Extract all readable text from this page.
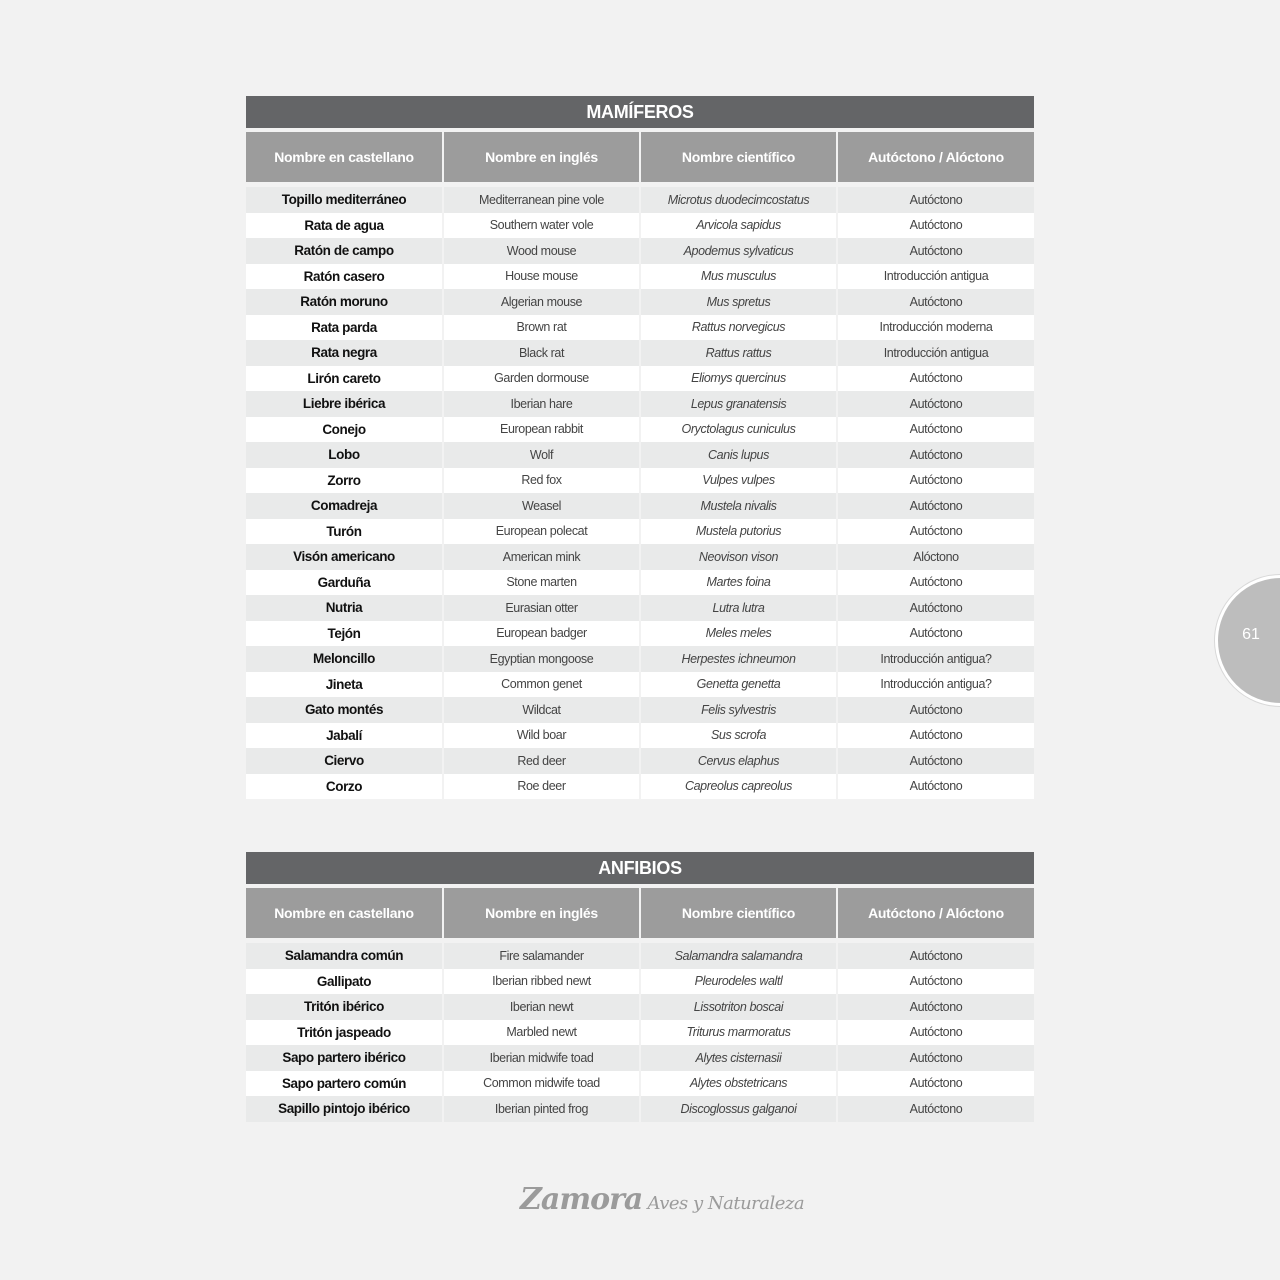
MAMÍFEROS
Nombre en castellano	Nombre en inglés	Nombre científico	Autóctono / Alóctono

Topillo mediterráneo	Mediterranean pine vole	Microtus duodecimcostatus	Autóctono
Rata de agua	Southern water vole	Arvicola sapidus	Autóctono
Ratón de campo	Wood mouse	Apodemus sylvaticus	Autóctono
Ratón casero	House mouse	Mus musculus	Introducción antigua
Ratón moruno	Algerian mouse	Mus spretus	Autóctono
Rata parda	Brown rat	Rattus norvegicus	Introducción moderna
Rata negra	Black rat	Rattus rattus	Introducción antigua
Lirón careto	Garden dormouse	Eliomys quercinus	Autóctono
Liebre ibérica	Iberian hare	Lepus granatensis	Autóctono
Conejo	European rabbit	Oryctolagus cuniculus	Autóctono
Lobo	Wolf	Canis lupus	Autóctono
Zorro	Red fox	Vulpes vulpes	Autóctono
Comadreja	Weasel	Mustela nivalis	Autóctono
Turón	European polecat	Mustela putorius	Autóctono
Visón americano	American mink	Neovison vison	Alóctono
Garduña	Stone marten	Martes foina	Autóctono
Nutria	Eurasian otter	Lutra lutra	Autóctono
Tejón	European badger	Meles meles	Autóctono
Meloncillo	Egyptian mongoose	Herpestes ichneumon	Introducción antigua?
Jineta	Common genet	Genetta genetta	Introducción antigua?
Gato montés	Wildcat	Felis sylvestris	Autóctono
Jabalí	Wild boar	Sus scrofa	Autóctono
Ciervo	Red deer	Cervus elaphus	Autóctono
Corzo	Roe deer	Capreolus capreolus	Autóctono
ANFIBIOS
Nombre en castellano	Nombre en inglés	Nombre científico	Autóctono / Alóctono

Salamandra común	Fire salamander	Salamandra salamandra	Autóctono
Gallipato	Iberian ribbed newt	Pleurodeles waltl	Autóctono
Tritón ibérico	Iberian newt	Lissotriton boscai	Autóctono
Tritón jaspeado	Marbled newt	Triturus marmoratus	Autóctono
Sapo partero ibérico	Iberian midwife toad	Alytes cisternasii	Autóctono
Sapo partero común	Common midwife toad	Alytes obstetricans	Autóctono
Sapillo pintojo ibérico	Iberian pinted frog	Discoglossus galganoi	Autóctono
61
Zamora Aves y Naturaleza
